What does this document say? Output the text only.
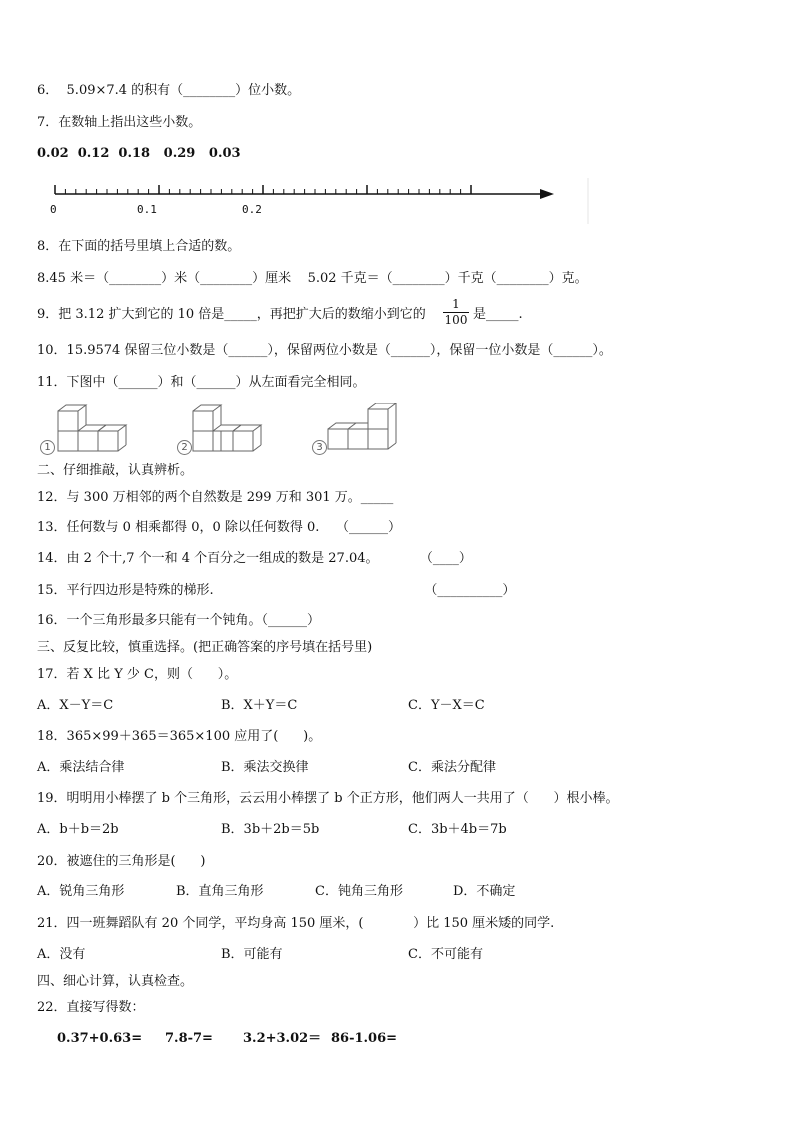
6．  5.09×7.4 的积有（________）位小数。
7．在数轴上指出这些小数。
0.02  0.12  0.18   0.29   0.03
0	0.1	0.2
8．在下面的括号里填上合适的数。
8.45 米＝（________）米（________）厘米    5.02 千克＝（________）千克（________）克。
9．把 3.12 扩大到它的 10 倍是_____，再把扩大后的数缩小到它的
1
100 是_____.
10．15.9574 保留三位小数是（______），保留两位小数是（______），保留一位小数是（______）。
11．下图中（______）和（______）从左面看完全相同。
1	2	3
二、仔细推敲，认真辨析。
12．与 300 万相邻的两个自然数是 299 万和 301 万。_____
13．任何数与 0 相乘都得 0，0 除以任何数得 0.    （______）
14．由 2 个十,7 个一和 4 个百分之一组成的数是 27.04。          （____）
15．平行四边形是特殊的梯形.                                                   （__________）
16．一个三角形最多只能有一个钝角。（______）
三、反复比较，慎重选择。(把正确答案的序号填在括号里)
17．若 X 比 Y 少 C，则（      ）。
A．X－Y＝C	B．X＋Y＝C	C．Y－X＝C
18．365×99＋365＝365×100 应用了(      )。
A．乘法结合律	B．乘法交换律	C．乘法分配律
19．明明用小棒摆了 b 个三角形，云云用小棒摆了 b 个正方形，他们两人一共用了（      ）根小棒。
A．b＋b＝2b	B．3b＋2b＝5b	C．3b＋4b＝7b
20．被遮住的三角形是(      )
A．锐角三角形	B．直角三角形	C．钝角三角形	D．不确定
21．四一班舞蹈队有 20 个同学，平均身高 150 厘米，(            ）比 150 厘米矮的同学.
A．没有	B．可能有	C．不可能有
四、细心计算，认真检查。
22．直接写得数：
0.37+0.63= 7.8-7= 3.2+3.02＝ 86-1.06=
